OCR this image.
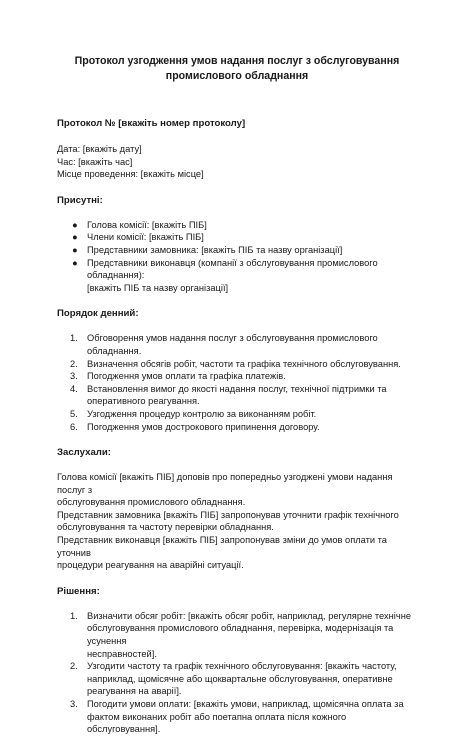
Протокол узгодження умов надання послуг з обслуговування
промислового обладнання

Протокол № [вкажіть номер протоколу]

Дата: [вкажіть дату]

Час: [вкажіть час]

Місце проведення: [вкажіть місце]

Присутні:

● Голова комісії: [вкажіть ПІБ]
● Члени комісії: [вкажіть ПІБ]
● Представники замовника: [вкажіть ПІБ та назву організації]
● Представники виконавця (компанії з обслуговування промислового обладнання):
[вкажіть ПІБ та назву організації]

Порядок денний:

1. Обговорення умов надання послуг з обслуговування промислового обладнання.
2. Визначення обсягів робіт, частоти та графіка технічного обслуговування.
3. Погодження умов оплати та графіка платежів.
4. Встановлення вимог до якості надання послуг, технічної підтримки та
оперативного реагування.
5. Узгодження процедур контролю за виконанням робіт.
6. Погодження умов дострокового припинення договору.

Заслухали:

Голова комісії [вкажіть ПІБ] доповів про попередньо узгоджені умови надання послуг з
обслуговування промислового обладнання.
Представник замовника [вкажіть ПІБ] запропонував уточнити графік технічного
обслуговування та частоту перевірки обладнання.
Представник виконавця [вкажіть ПІБ] запропонував зміни до умов оплати та уточнив
процедури реагування на аварійні ситуації.

Рішення:

1. Визначити обсяг робіт: [вкажіть обсяг робіт, наприклад, регулярне технічне
обслуговування промислового обладнання, перевірка, модернізація та усунення
несправностей].
2. Узгодити частоту та графік технічного обслуговування: [вкажіть частоту,
наприклад, щомісячне або щоквартальне обслуговування, оперативне
реагування на аварії].
3. Погодити умови оплати: [вкажіть умови, наприклад, щомісячна оплата за
фактом виконаних робіт або поетапна оплата після кожного обслуговування].
